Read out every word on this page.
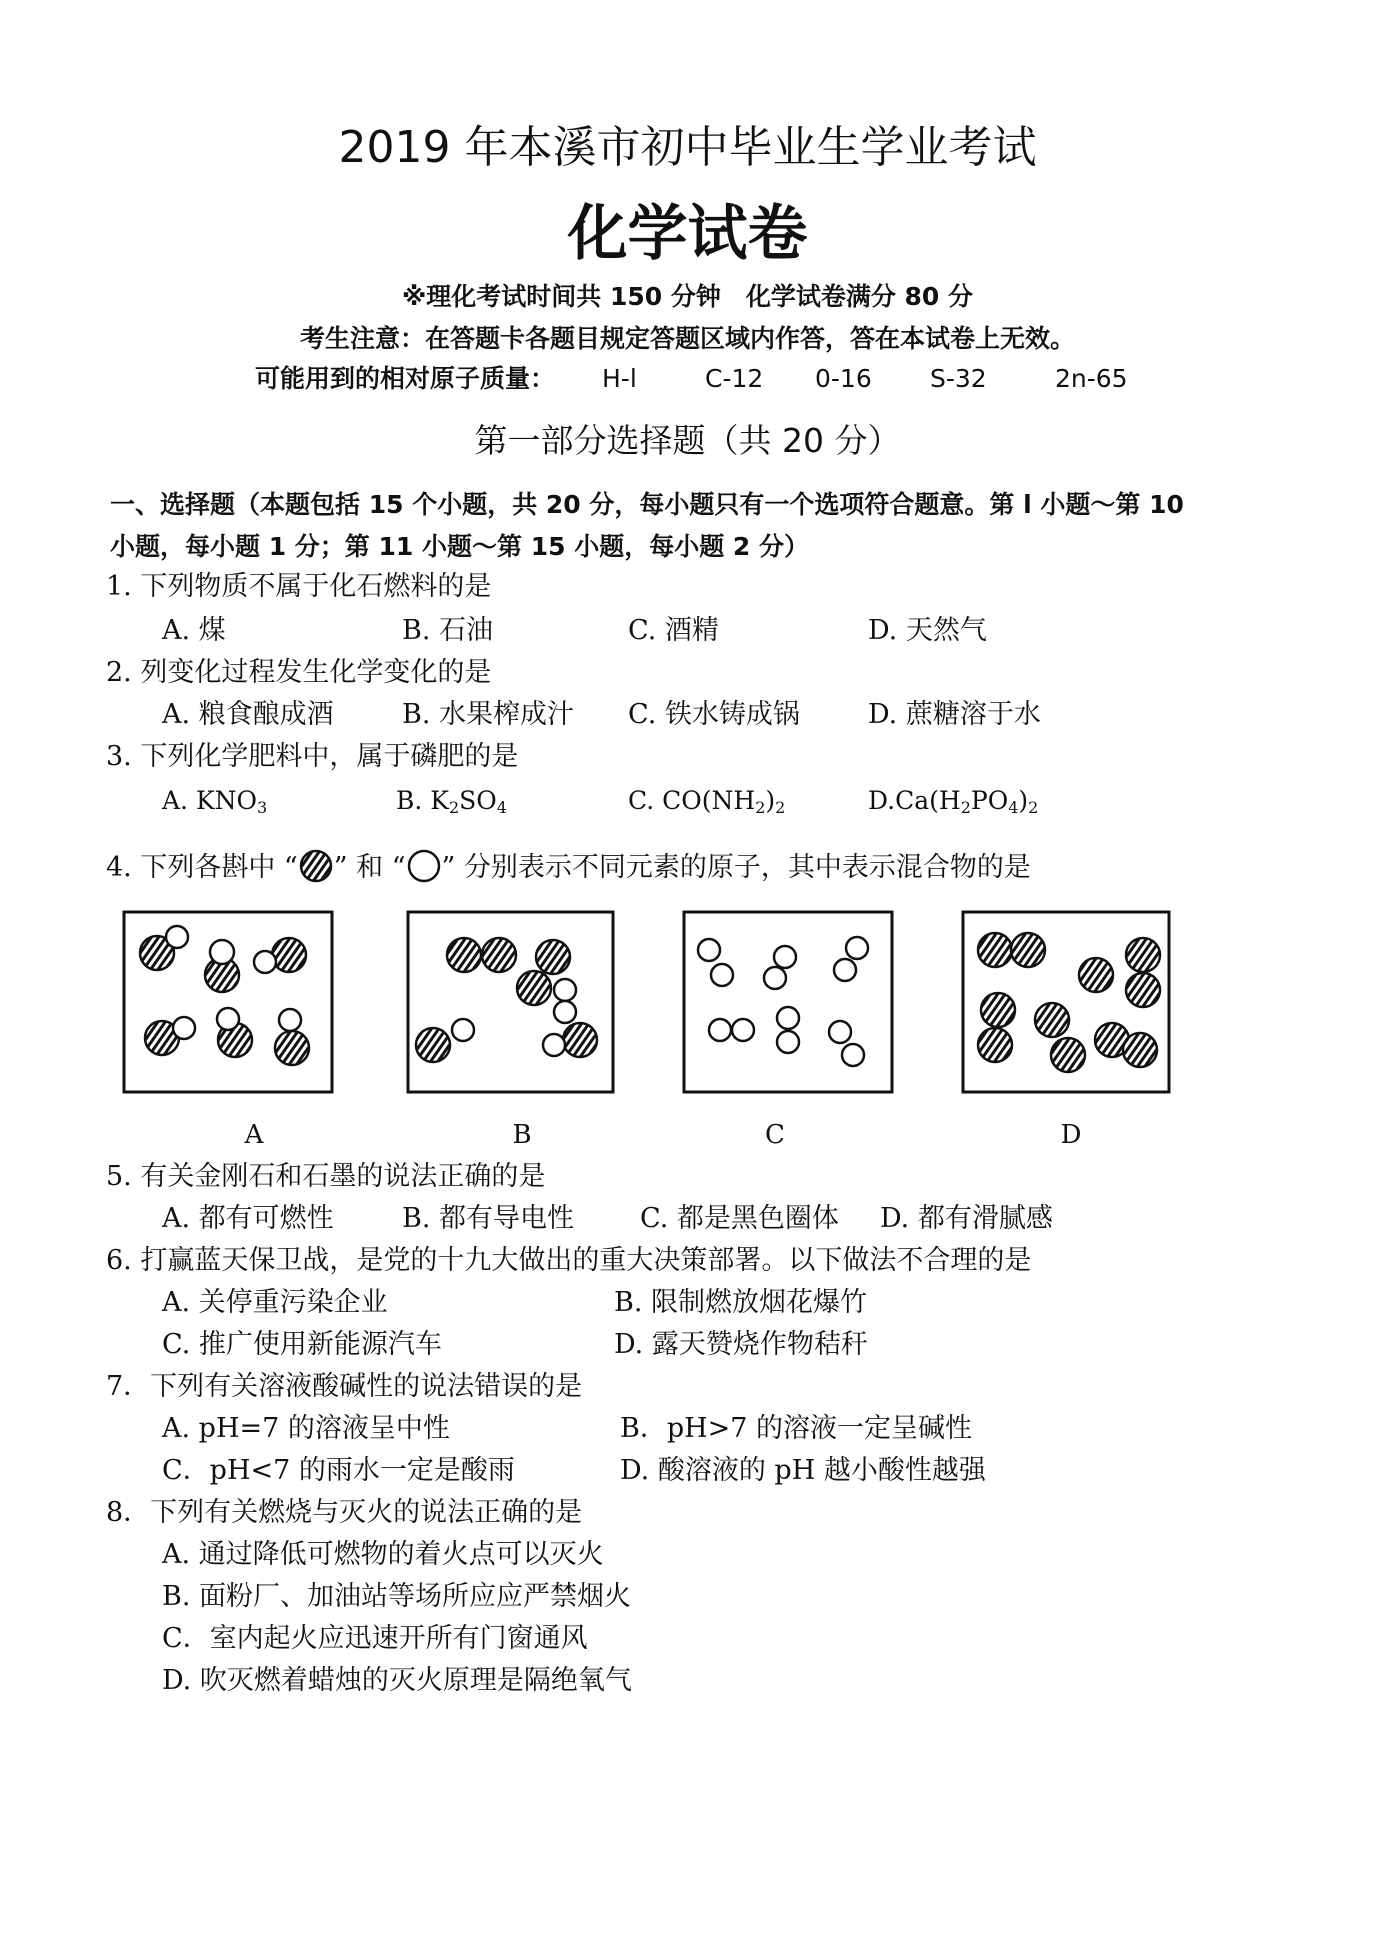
2019 年本溪市初中毕业生学业考试
化学试卷
※理化考试时间共 150 分钟　化学试卷满分 80 分
考生注意：在答题卡各题目规定答题区域内作答，答在本试卷上无效。
可能用到的相对原子质量： H-l	C-12 0-16 S-32	2n-65
第一部分选择题（共 20 分）
一、选择题（本题包括 15 个小题，共 20 分，每小题只有一个选项符合题意。第 l 小题～第 10
小题，每小题 1 分；第 11 小题～第 15 小题，每小题 2 分）
1. 下列物质不属于化石燃料的是
A. 煤	B. 石油	C. 酒精	D. 天然气
2. 列变化过程发生化学变化的是
A. 粮食酿成酒	B. 水果榨成汁 C. 铁水铸成锅	D. 蔗糖溶于水
3. 下列化学肥料中，属于磷肥的是
A. $KNO_3$	B. $K_2SO_4$	C. $CO(NH_2)_2$	$D.Ca(H_2PO_4)_2$
4. 下列各斟中 “ ” 和 “ ” 分别表示不同元素的原子，其中表示混合物的是
A	B	C	D
5. 有关金刚石和石墨的说法正确的是
A. 都有可燃性	B. 都有导电性 C. 都是黑色圈体 D. 都有滑腻感
6. 打赢蓝天保卫战，是党的十九大做出的重大决策部署。以下做法不合理的是
A. 关停重污染企业	B. 限制燃放烟花爆竹
C. 推广使用新能源汽车	D. 露天赞烧作物秸秆
7．下列有关溶液酸碱性的说法错误的是
A. pH=7 的溶液呈中性	B．pH>7 的溶液一定呈碱性
C．pH<7 的雨水一定是酸雨	D. 酸溶液的 pH 越小酸性越强
8．下列有关燃烧与灭火的说法正确的是
A. 通过降低可燃物的着火点可以灭火
B. 面粉厂、加油站等场所应应严禁烟火
C．室内起火应迅速开所有门窗通风
D. 吹灭燃着蜡烛的灭火原理是隔绝氧气
